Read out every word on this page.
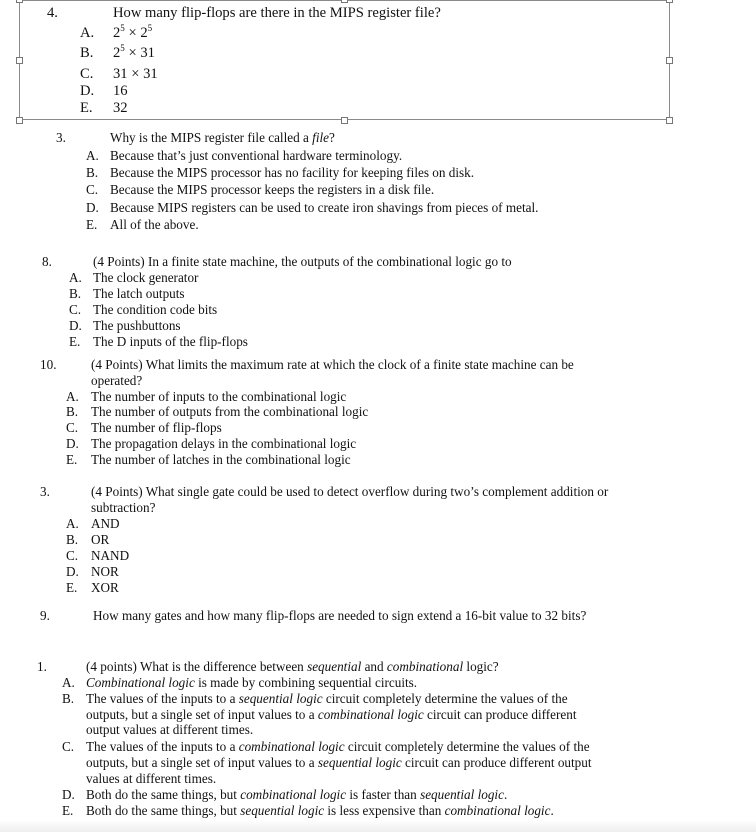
4.	How many flip-flops are there in the MIPS register file?
A. $2^5 \times 2^5$
B. $2^5 \times 31$
C. 31 × 31
D. 16
E. 32
3.	Why is the MIPS register file called a file?
A. Because that’s just conventional hardware terminology.
B. Because the MIPS processor has no facility for keeping files on disk.
C. Because the MIPS processor keeps the registers in a disk file.
D. Because MIPS registers can be used to create iron shavings from pieces of metal.
E. All of the above.
8.	(4 Points) In a finite state machine, the outputs of the combinational logic go to
A. The clock generator
B. The latch outputs
C. The condition code bits
D. The pushbuttons
E. The D inputs of the flip-flops
10.	(4 Points) What limits the maximum rate at which the clock of a finite state machine can be
operated?
A. The number of inputs to the combinational logic
B. The number of outputs from the combinational logic
C. The number of flip-flops
D. The propagation delays in the combinational logic
E. The number of latches in the combinational logic
3.	(4 Points) What single gate could be used to detect overflow during two’s complement addition or
subtraction?
A. AND
B. OR
C. NAND
D. NOR
E. XOR
9.	How many gates and how many flip-flops are needed to sign extend a 16-bit value to 32 bits?
1.	(4 points) What is the difference between sequential and combinational logic?
A. Combinational logic is made by combining sequential circuits.
B. The values of the inputs to a sequential logic circuit completely determine the values of the
outputs, but a single set of input values to a combinational logic circuit can produce different
output values at different times.
C. The values of the inputs to a combinational logic circuit completely determine the values of the
outputs, but a single set of input values to a sequential logic circuit can produce different output
values at different times.
D. Both do the same things, but combinational logic is faster than sequential logic.
E. Both do the same things, but sequential logic is less expensive than combinational logic.
